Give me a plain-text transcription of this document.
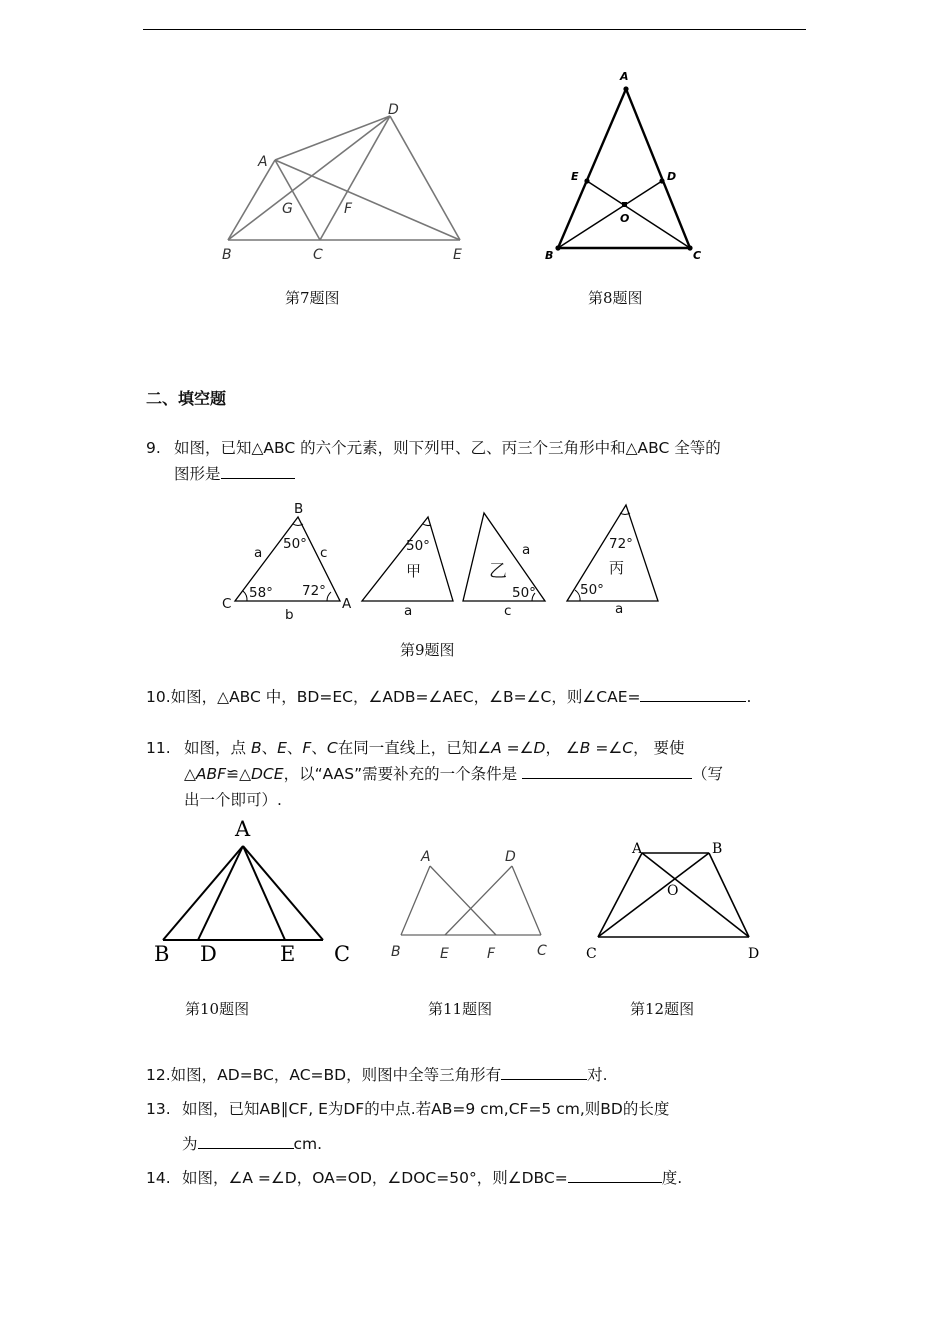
D
A
G	F
B	C	E
第7题图
A
E	D
O
B	C
第8题图
二、填空题
9. 如图，已知△ABC 的六个元素，则下列甲、乙、丙三个三角形中和△ABC 全等的
图形是
B
50°
a	c
58° 72°
C	A
b
50°
甲
a
乙
a
50°
c
72°
丙
50°
a
第9题图
10.如图，△ABC 中，BD=EC，∠ADB=∠AEC，∠B=∠C，则∠CAE=	.
11. 如图，点 B、E、F、C在同一直线上，已知∠A =∠D， ∠B =∠C， 要使
△ABF≌△DCE，以“AAS”需要补充的一个条件是	（写
出一个即可）.
A
B D	E C
第10题图
A	D
B	E	F	C
第11题图
A	B
O
C	D
第12题图
12.如图，AD=BC，AC=BD，则图中全等三角形有	对.
13. 如图，已知AB∥CF, E为DF的中点.若AB=9 cm,CF=5 cm,则BD的长度
为	cm.
14. 如图，∠A =∠D，OA=OD，∠DOC=50°，则∠DBC=	度.
